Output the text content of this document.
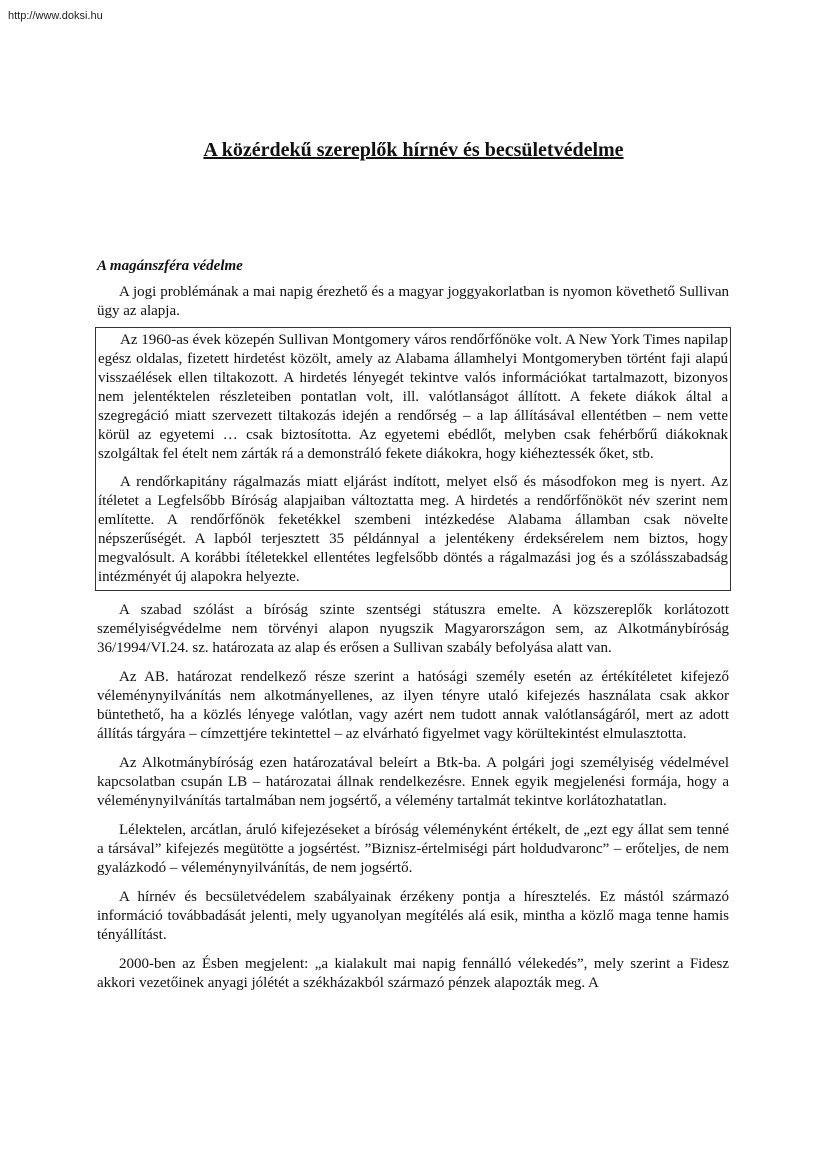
http://www.doksi.hu
A közérdekű szereplők hírnév és becsületvédelme
A magánszféra védelme

A jogi problémának a mai napig érezhető és a magyar joggyakorlatban is nyomon követhető Sullivan ügy az alapja.

Az 1960-as évek közepén Sullivan Montgomery város rendőrfőnöke volt. A New York Times napilap egész oldalas, fizetett hirdetést közölt, amely az Alabama államhelyi Montgomeryben történt faji alapú visszaélések ellen tiltakozott. A hirdetés lényegét tekintve valós információkat tartalmazott, bizonyos nem jelentéktelen részleteiben pontatlan volt, ill. valótlanságot állított. A fekete diákok által a szegregáció miatt szervezett tiltakozás idején a rendőrség – a lap állításával ellentétben – nem vette körül az egyetemi … csak biztosította. Az egyetemi ebédlőt, melyben csak fehérbőrű diákoknak szolgáltak fel ételt nem zárták rá a demonstráló fekete diákokra, hogy kiéheztessék őket, stb.

A rendőrkapitány rágalmazás miatt eljárást indított, melyet első és másodfokon meg is nyert. Az ítéletet a Legfelsőbb Bíróság alapjaiban változtatta meg. A hirdetés a rendőrfőnököt név szerint nem említette. A rendőrfőnök feketékkel szembeni intézkedése Alabama államban csak növelte népszerűségét. A lapból terjesztett 35 példánnyal a jelentékeny érdeksérelem nem biztos, hogy megvalósult. A korábbi ítéletekkel ellentétes legfelsőbb döntés a rágalmazási jog és a szólásszabadság intézményét új alapokra helyezte.

A szabad szólást a bíróság szinte szentségi státuszra emelte. A közszereplők korlátozott személyiségvédelme nem törvényi alapon nyugszik Magyarországon sem, az Alkotmánybíróság 36/1994/VI.24. sz. határozata az alap és erősen a Sullivan szabály befolyása alatt van.

Az AB. határozat rendelkező része szerint a hatósági személy esetén az értékítéletet kifejező véleménynyilvánítás nem alkotmányellenes, az ilyen tényre utaló kifejezés használata csak akkor büntethető, ha a közlés lényege valótlan, vagy azért nem tudott annak valótlanságáról, mert az adott állítás tárgyára – címzettjére tekintettel – az elvárható figyelmet vagy körültekintést elmulasztotta.

Az Alkotmánybíróság ezen határozatával beleírt a Btk-ba. A polgári jogi személyiség védelmével kapcsolatban csupán LB – határozatai állnak rendelkezésre. Ennek egyik megjelenési formája, hogy a véleménynyilvánítás tartalmában nem jogsértő, a vélemény tartalmát tekintve korlátozhatatlan.

Lélektelen, arcátlan, áruló kifejezéseket a bíróság véleményként értékelt, de „ezt egy állat sem tenné a társával” kifejezés megütötte a jogsértést. ”Biznisz-értelmiségi párt holdudvaronc” – erőteljes, de nem gyalázkodó – véleménynyilvánítás, de nem jogsértő.

A hírnév és becsületvédelem szabályainak érzékeny pontja a híresztelés. Ez mástól származó információ továbbadását jelenti, mely ugyanolyan megítélés alá esik, mintha a közlő maga tenne hamis tényállítást.

2000-ben az Ésben megjelent: „a kialakult mai napig fennálló vélekedés”, mely szerint a Fidesz akkori vezetőinek anyagi jólétét a székházakból származó pénzek alapozták meg. A
